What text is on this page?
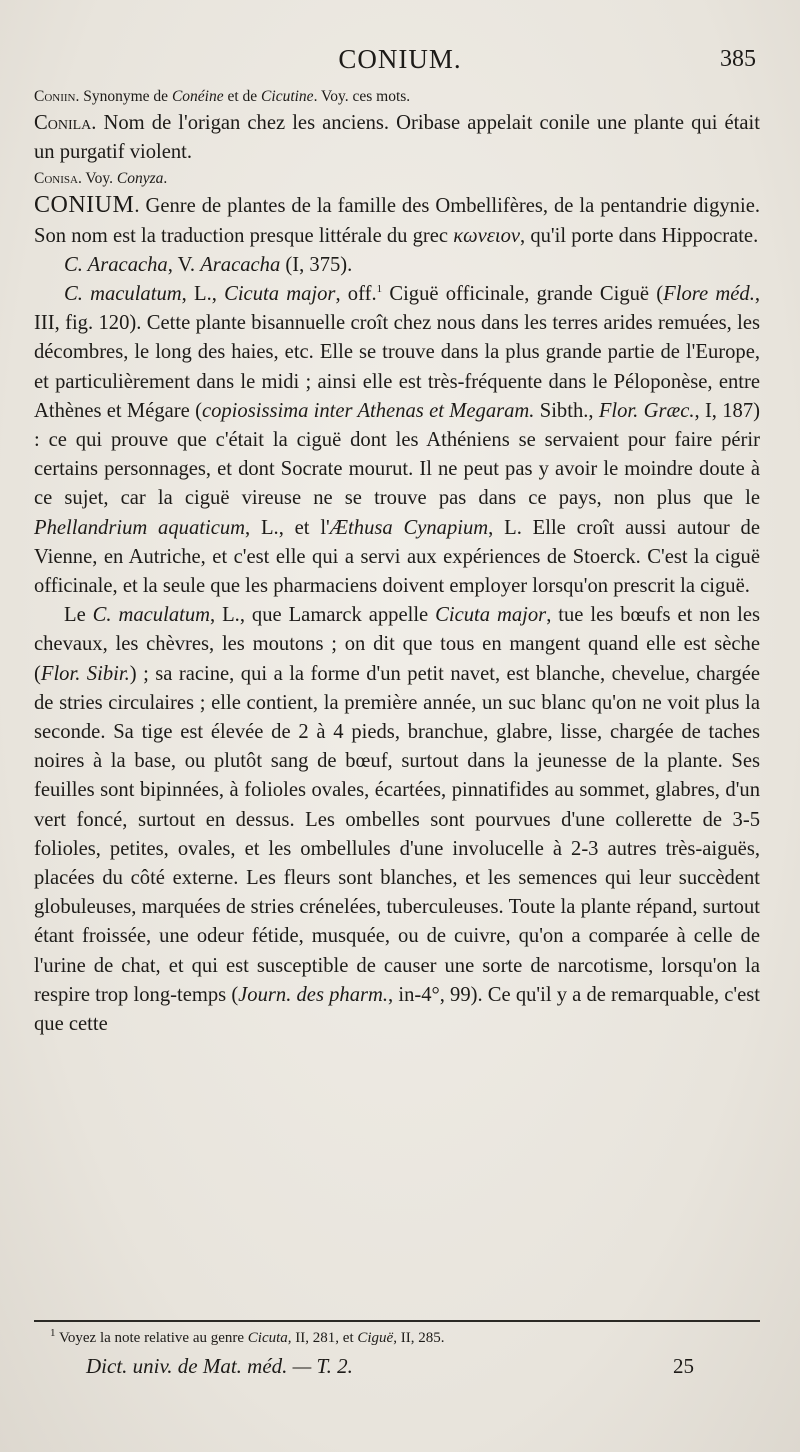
CONIUM.	385

Coniin. Synonyme de Conéine et de Cicutine. Voy. ces mots.

Conila. Nom de l'origan chez les anciens. Oribase appelait conile une plante qui était un purgatif violent.

Conisa. Voy. Conyza.

CONIUM. Genre de plantes de la famille des Ombellifères, de la pentandrie digynie. Son nom est la traduction presque littérale du grec κωνειον, qu'il porte dans Hippocrate.

C. Aracacha, V. Aracacha (I, 375).

C. maculatum, L., Cicuta major, off.$^1$ Ciguë officinale, grande Ciguë (Flore méd., III, fig. 120). Cette plante bisannuelle croît chez nous dans les terres arides remuées, les décombres, le long des haies, etc. Elle se trouve dans la plus grande partie de l'Europe, et particulièrement dans le midi ; ainsi elle est très-fréquente dans le Péloponèse, entre Athènes et Mégare (copiosissima inter Athenas et Megaram. Sibth., Flor. Græc., I, 187) : ce qui prouve que c'était la ciguë dont les Athéniens se servaient pour faire périr certains personnages, et dont Socrate mourut. Il ne peut pas y avoir le moindre doute à ce sujet, car la ciguë vireuse ne se trouve pas dans ce pays, non plus que le Phellandrium aquaticum, L., et l'Æthusa Cynapium, L. Elle croît aussi autour de Vienne, en Autriche, et c'est elle qui a servi aux expériences de Stoerck. C'est la ciguë officinale, et la seule que les pharmaciens doivent employer lorsqu'on prescrit la ciguë.

Le C. maculatum, L., que Lamarck appelle Cicuta major, tue les bœufs et non les chevaux, les chèvres, les moutons ; on dit que tous en mangent quand elle est sèche (Flor. Sibir.) ; sa racine, qui a la forme d'un petit navet, est blanche, chevelue, chargée de stries circulaires ; elle contient, la première année, un suc blanc qu'on ne voit plus la seconde. Sa tige est élevée de 2 à 4 pieds, branchue, glabre, lisse, chargée de taches noires à la base, ou plutôt sang de bœuf, surtout dans la jeunesse de la plante. Ses feuilles sont bipinnées, à folioles ovales, écartées, pinnatifides au sommet, glabres, d'un vert foncé, surtout en dessus. Les ombelles sont pourvues d'une collerette de 3-5 folioles, petites, ovales, et les ombellules d'une involucelle à 2-3 autres très-aiguës, placées du côté externe. Les fleurs sont blanches, et les semences qui leur succèdent globuleuses, marquées de stries crénelées, tuberculeuses. Toute la plante répand, surtout étant froissée, une odeur fétide, musquée, ou de cuivre, qu'on a comparée à celle de l'urine de chat, et qui est susceptible de causer une sorte de narcotisme, lorsqu'on la respire trop long-temps (Journ. des pharm., in-4°, 99). Ce qu'il y a de remarquable, c'est que cette

$^1$ Voyez la note relative au genre Cicuta, II, 281, et Ciguë, II, 285.
Dict. univ. de Mat. méd. — T. 2.	25
